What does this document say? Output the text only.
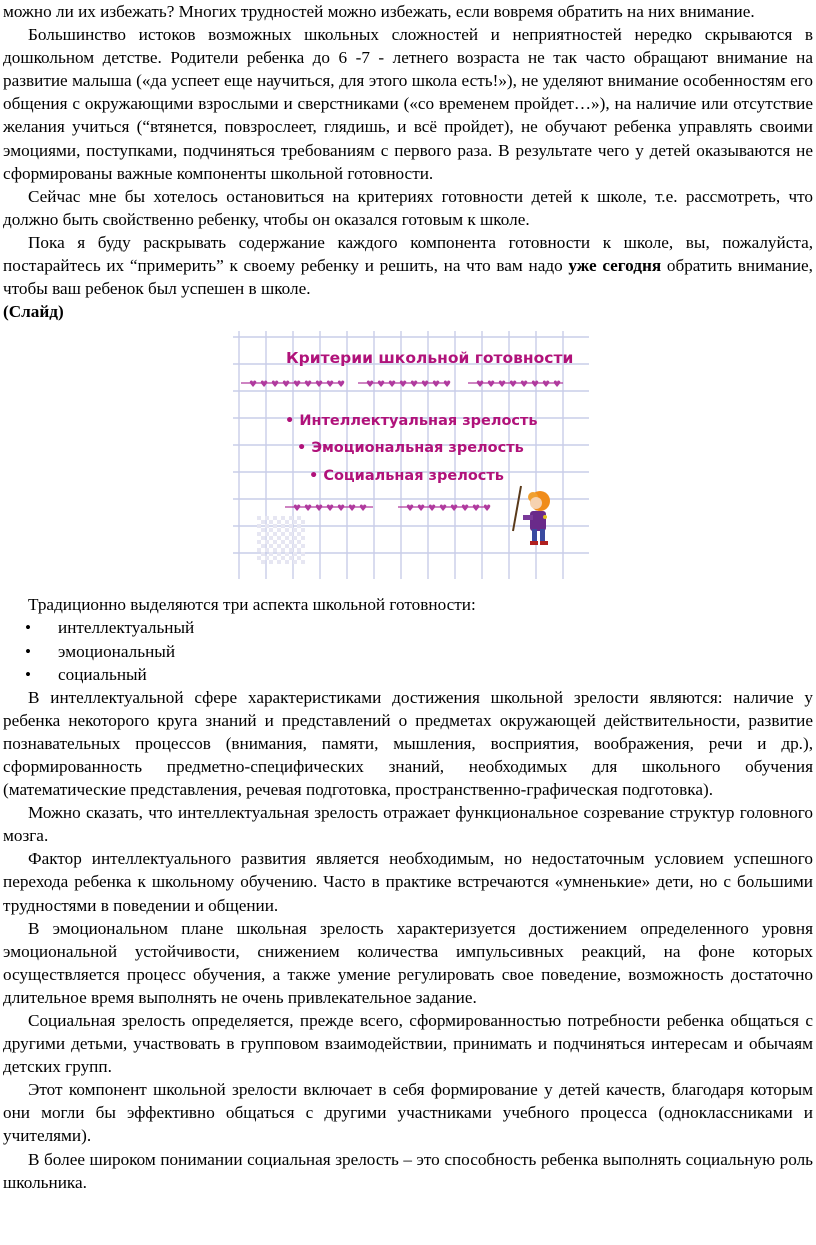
можно ли их избежать? Многих трудностей можно избежать, если вовремя обратить на них внимание.

Большинство истоков возможных школьных сложностей и неприятностей нередко скрываются в дошкольном детстве. Родители ребенка до 6 -7 - летнего возраста не так часто обращают внимание на развитие малыша («да успеет еще научиться, для этого школа есть!»), не уделяют внимание особенностям его общения с окружающими взрослыми и сверстниками («со временем пройдет…»), на наличие или отсутствие желания учиться (“втянется, повзрослеет, глядишь, и всё пройдет), не обучают ребенка управлять своими эмоциями, поступками, подчиняться требованиям с первого раза. В результате чего у детей оказываются не сформированы важные компоненты школьной готовности.

Сейчас мне бы хотелось остановиться на критериях готовности детей к школе, т.е. рассмотреть, что должно быть свойственно ребенку, чтобы он оказался готовым к школе.

Пока я буду раскрывать содержание каждого компонента готовности к школе, вы, пожалуйста, постарайтесь их “примерить” к своему ребенку и решить, на что вам надо уже сегодня обратить внимание, чтобы ваш ребенок был успешен в школе.

(Слайд)

Критерии школьной готовности
♥ ♥ ♥ ♥ ♥ ♥ ♥ ♥ ♥ ♥ ♥ ♥ ♥ ♥ ♥ ♥ ♥	♥ ♥ ♥ ♥ ♥ ♥ ♥ ♥
• Интеллектуальная зрелость
• Эмоциональная зрелость
• Социальная зрелость
♥ ♥ ♥ ♥ ♥ ♥ ♥	♥ ♥ ♥ ♥ ♥ ♥ ♥ ♥

Традиционно выделяются три аспекта школьной готовности:

• интеллектуальный
• эмоциональный
• социальный

В интеллектуальной сфере характеристиками достижения школьной зрелости являются: наличие у ребенка некоторого круга знаний и представлений о предметах окружающей действительности, развитие познавательных процессов (внимания, памяти, мышления, восприятия, воображения, речи и др.), сформированность предметно-специфических знаний, необходимых для школьного обучения (математические представления, речевая подготовка, пространственно-графическая подготовка).

Можно сказать, что интеллектуальная зрелость отражает функциональное созревание структур головного мозга.

Фактор интеллектуального развития является необходимым, но недостаточным условием успешного перехода ребенка к школьному обучению. Часто в практике встречаются «умненькие» дети, но с большими трудностями в поведении и общении.

В эмоциональном плане школьная зрелость характеризуется достижением определенного уровня эмоциональной устойчивости, снижением количества импульсивных реакций, на фоне которых осуществляется процесс обучения, а также умение регулировать свое поведение, возможность достаточно длительное время выполнять не очень привлекательное задание.

Социальная зрелость определяется, прежде всего, сформированностью потребности ребенка общаться с другими детьми, участвовать в групповом взаимодействии, принимать и подчиняться интересам и обычаям детских групп.

Этот компонент школьной зрелости включает в себя формирование у детей качеств, благодаря которым они могли бы эффективно общаться с другими участниками учебного процесса (одноклассниками и учителями).

В более широком понимании социальная зрелость – это способность ребенка выполнять социальную роль школьника.
